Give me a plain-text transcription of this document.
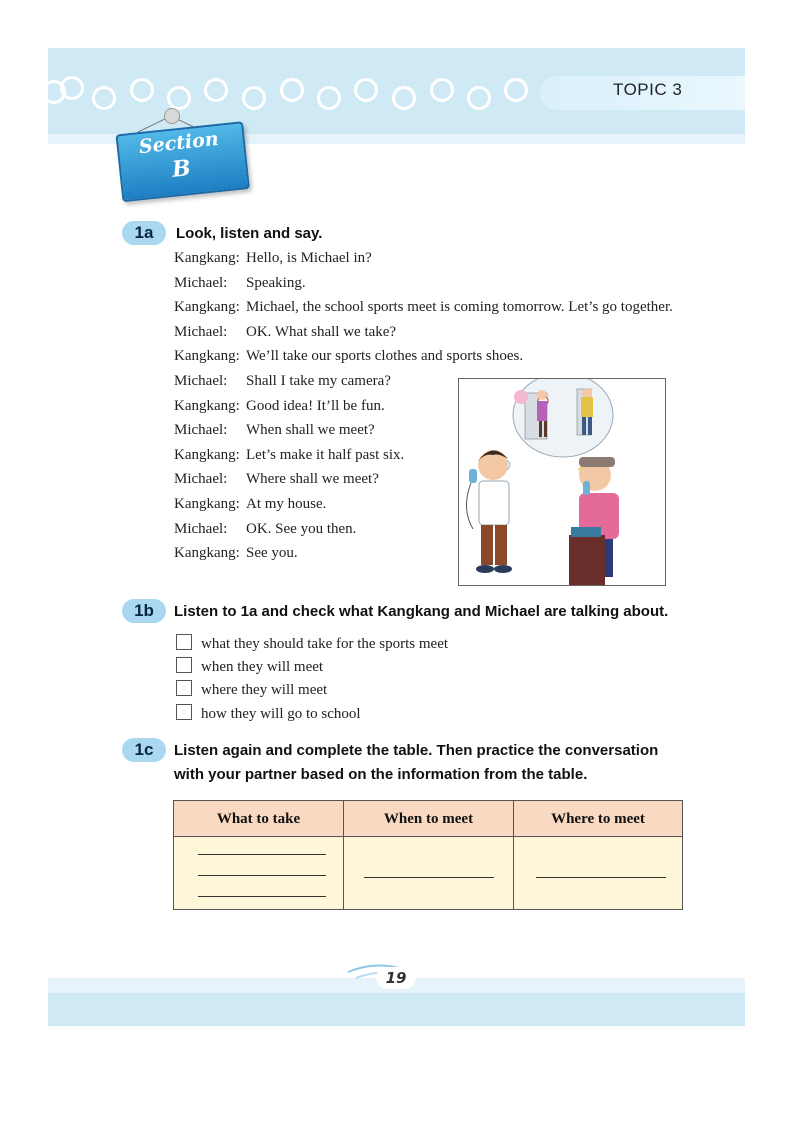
TOPIC 3
Section
B
1a	Look, listen and say.
Kangkang: Hello, is Michael in?
Michael: Speaking.
Kangkang: Michael, the school sports meet is coming tomorrow. Let’s go together.
Michael: OK. What shall we take?
Kangkang: We’ll take our sports clothes and sports shoes.
Michael: Shall I take my camera?
Kangkang: Good idea! It’ll be fun.
Michael: When shall we meet?
Kangkang: Let’s make it half past six.
Michael: Where shall we meet?
Kangkang: At my house.
Michael: OK. See you then.
Kangkang: See you.
1b	Listen to 1a and check what Kangkang and Michael are talking about.
what they should take for the sports meet
when they will meet
where they will meet
how they will go to school
1c	Listen again and complete the table. Then practice the conversation
with your partner based on the information from the table.
What to take	When to meet	Where to meet
19
